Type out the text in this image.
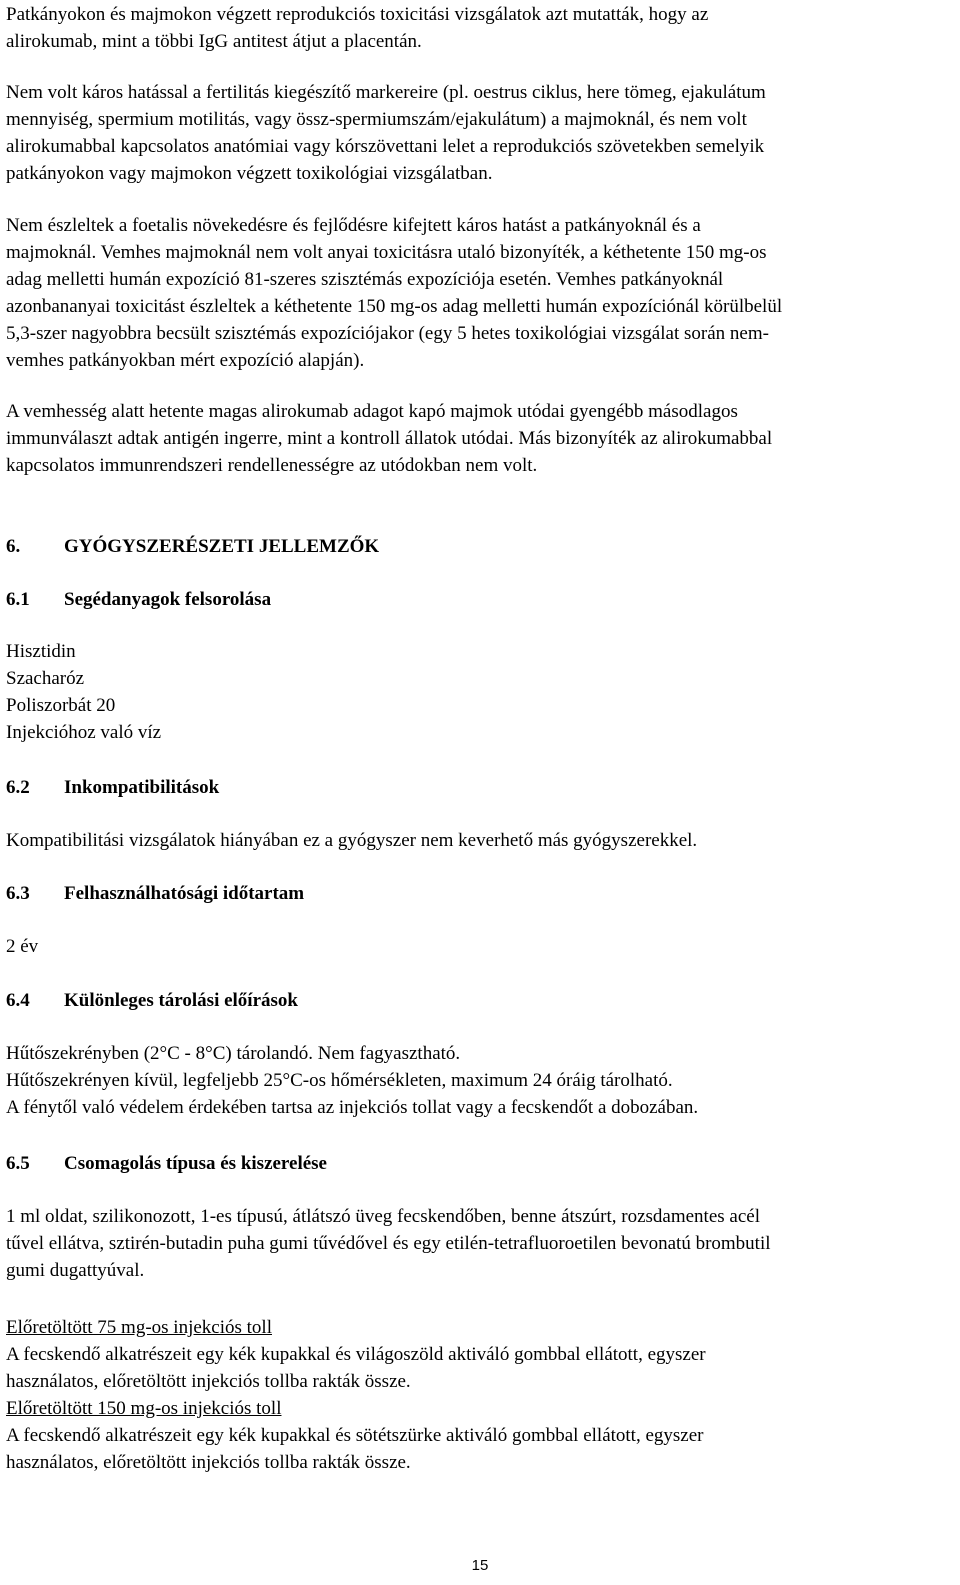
Patkányokon és majmokon végzett reprodukciós toxicitási vizsgálatok azt mutatták, hogy az
alirokumab, mint a többi IgG antitest átjut a placentán.
Nem volt káros hatással a fertilitás kiegészítő markereire (pl. oestrus ciklus, here tömeg, ejakulátum
mennyiség, spermium motilitás, vagy össz-spermiumszám/ejakulátum) a majmoknál, és nem volt
alirokumabbal kapcsolatos anatómiai vagy kórszövettani lelet a reprodukciós szövetekben semelyik
patkányokon vagy majmokon végzett toxikológiai vizsgálatban.
Nem észleltek a foetalis növekedésre és fejlődésre kifejtett káros hatást a patkányoknál és a
majmoknál. Vemhes majmoknál nem volt anyai toxicitásra utaló bizonyíték, a kéthetente 150 mg-os
adag melletti humán expozíció 81-szeres szisztémás expozíciója esetén. Vemhes patkányoknál
azonbananyai toxicitást észleltek a kéthetente 150 mg-os adag melletti humán expozíciónál körülbelül
5,3-szer nagyobbra becsült szisztémás expozíciójakor (egy 5 hetes toxikológiai vizsgálat során nem-
vemhes patkányokban mért expozíció alapján).
A vemhesség alatt hetente magas alirokumab adagot kapó majmok utódai gyengébb másodlagos
immunválaszt adtak antigén ingerre, mint a kontroll állatok utódai. Más bizonyíték az alirokumabbal
kapcsolatos immunrendszeri rendellenességre az utódokban nem volt.
6. GYÓGYSZERÉSZETI JELLEMZŐK
6.1 Segédanyagok felsorolása
Hisztidin
Szacharóz
Poliszorbát 20
Injekcióhoz való víz
6.2 Inkompatibilitások
Kompatibilitási vizsgálatok hiányában ez a gyógyszer nem keverhető más gyógyszerekkel.
6.3 Felhasználhatósági időtartam
2 év
6.4 Különleges tárolási előírások
Hűtőszekrényben (2°C - 8°C) tárolandó. Nem fagyasztható.
Hűtőszekrényen kívül, legfeljebb 25°C-os hőmérsékleten, maximum 24 óráig tárolható.
A fénytől való védelem érdekében tartsa az injekciós tollat vagy a fecskendőt a dobozában.
6.5 Csomagolás típusa és kiszerelése
1 ml oldat, szilikonozott, 1-es típusú, átlátszó üveg fecskendőben, benne átszúrt, rozsdamentes acél
tűvel ellátva, sztirén-butadin puha gumi tűvédővel és egy etilén-tetrafluoroetilen bevonatú brombutil
gumi dugattyúval.
Előretöltött 75 mg-os injekciós toll
A fecskendő alkatrészeit egy kék kupakkal és világoszöld aktiváló gombbal ellátott, egyszer
használatos, előretöltött injekciós tollba rakták össze.
Előretöltött 150 mg-os injekciós toll
A fecskendő alkatrészeit egy kék kupakkal és sötétszürke aktiváló gombbal ellátott, egyszer
használatos, előretöltött injekciós tollba rakták össze.
15
